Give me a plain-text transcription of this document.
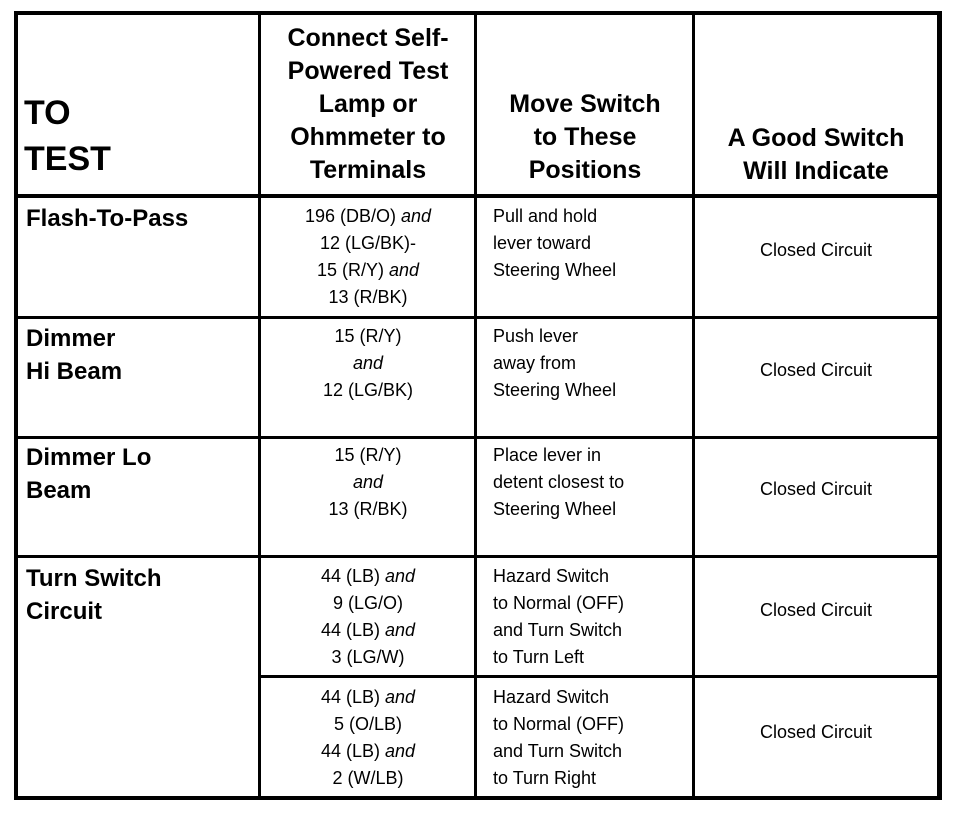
TO
TEST
Connect Self-
Powered Test
Lamp or
Ohmmeter to
Terminals
Move Switch
to These
Positions
A Good Switch
Will Indicate
Flash-To-Pass	196 (DB/O) and
12 (LG/BK)-
15 (R/Y) and
13 (R/BK)
Pull and hold
lever toward
Steering Wheel
Closed Circuit
Dimmer
Hi Beam
15 (R/Y)
and
12 (LG/BK)
Push lever
away from
Steering Wheel
Closed Circuit
Dimmer Lo
Beam
15 (R/Y)
and
13 (R/BK)
Place lever in
detent closest to
Steering Wheel
Closed Circuit
Turn Switch
Circuit
44 (LB) and
9 (LG/O)
44 (LB) and
3 (LG/W)
Hazard Switch
to Normal (OFF)
and Turn Switch
to Turn Left
Closed Circuit
44 (LB) and
5 (O/LB)
44 (LB) and
2 (W/LB)
Hazard Switch
to Normal (OFF)
and Turn Switch
to Turn Right
Closed Circuit
